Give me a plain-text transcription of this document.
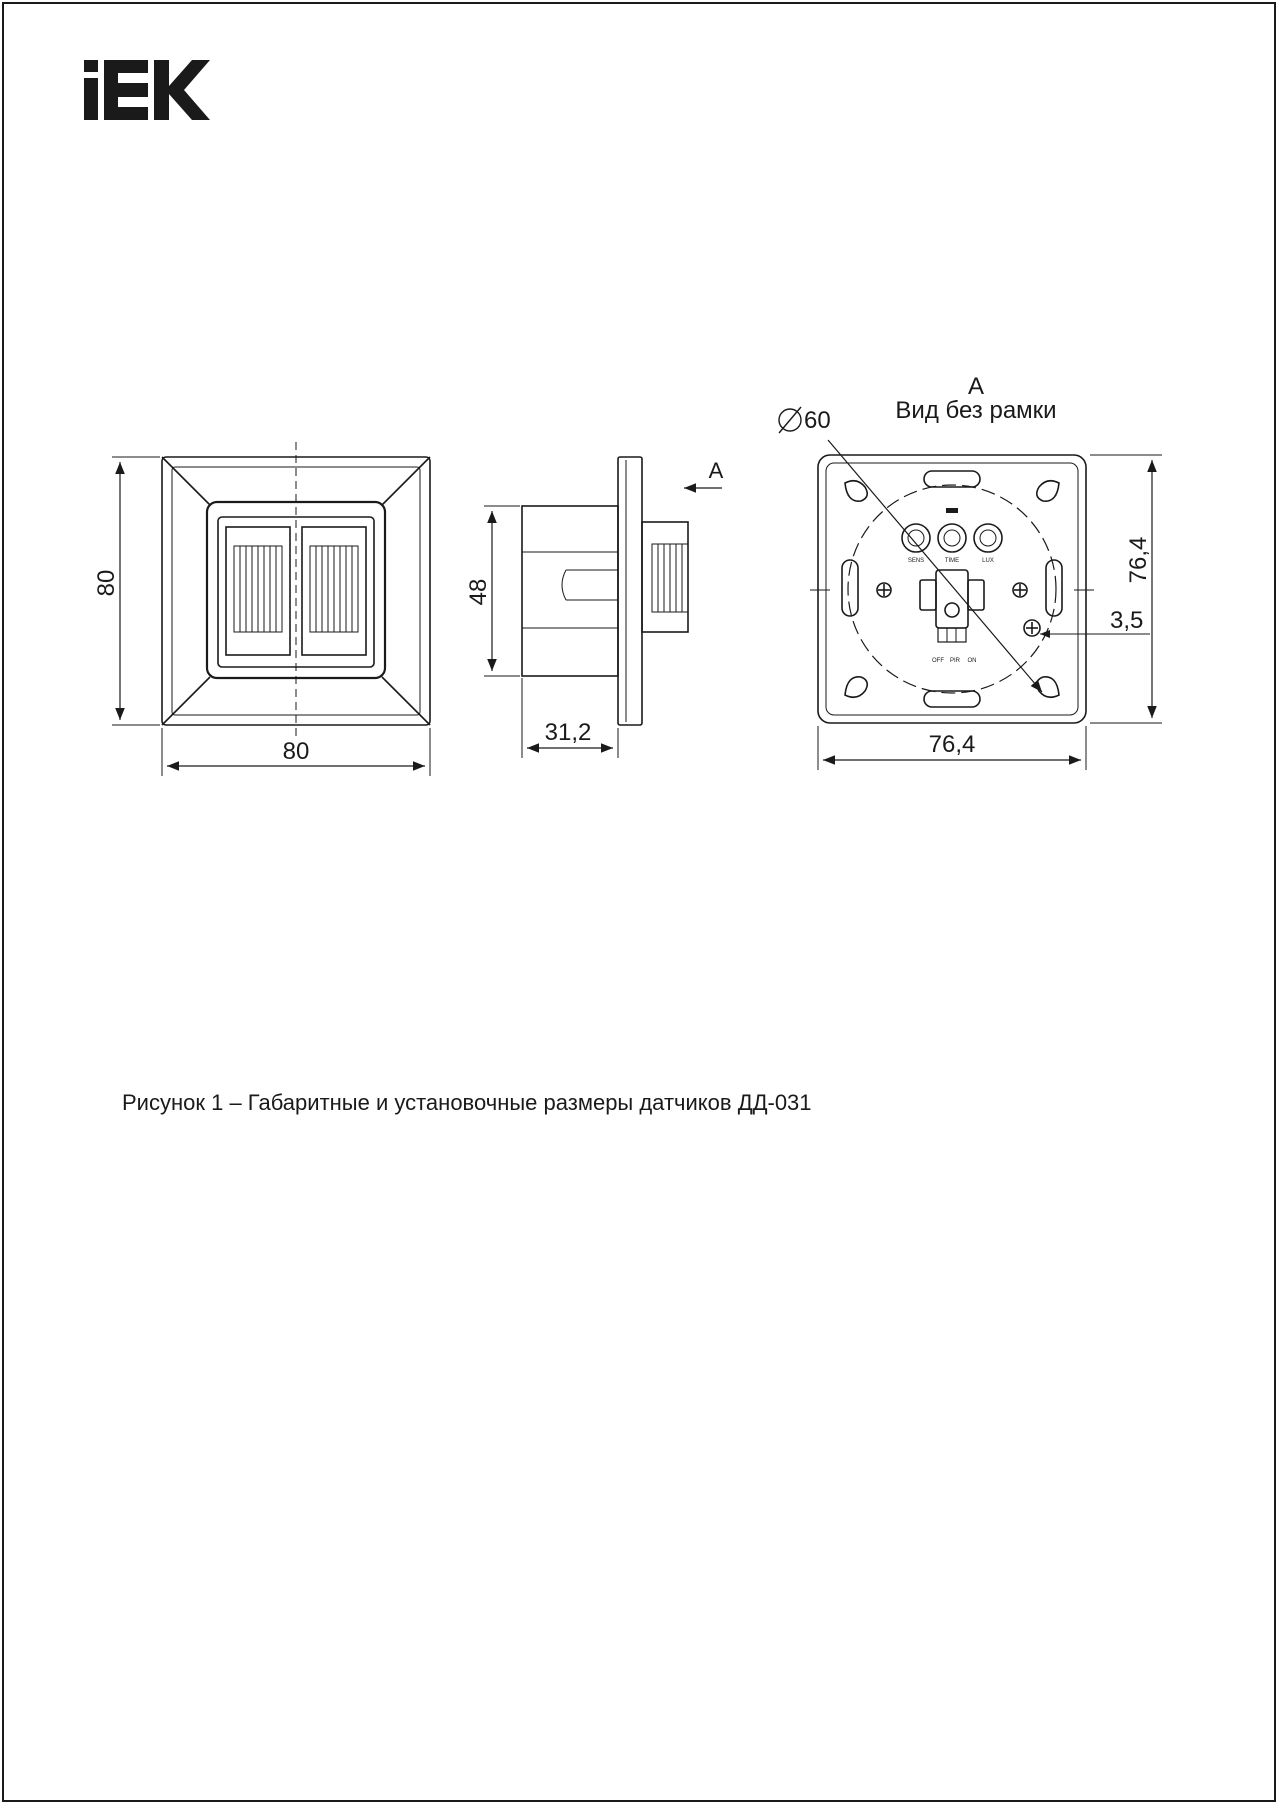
80
80
A
48
31,2
A
Вид без рамки
60
76,4
76,4
3,5
SENS	TIME	LUX
OFF PIR ON
Рисунок 1 – Габаритные и установочные размеры датчиков ДД-031
